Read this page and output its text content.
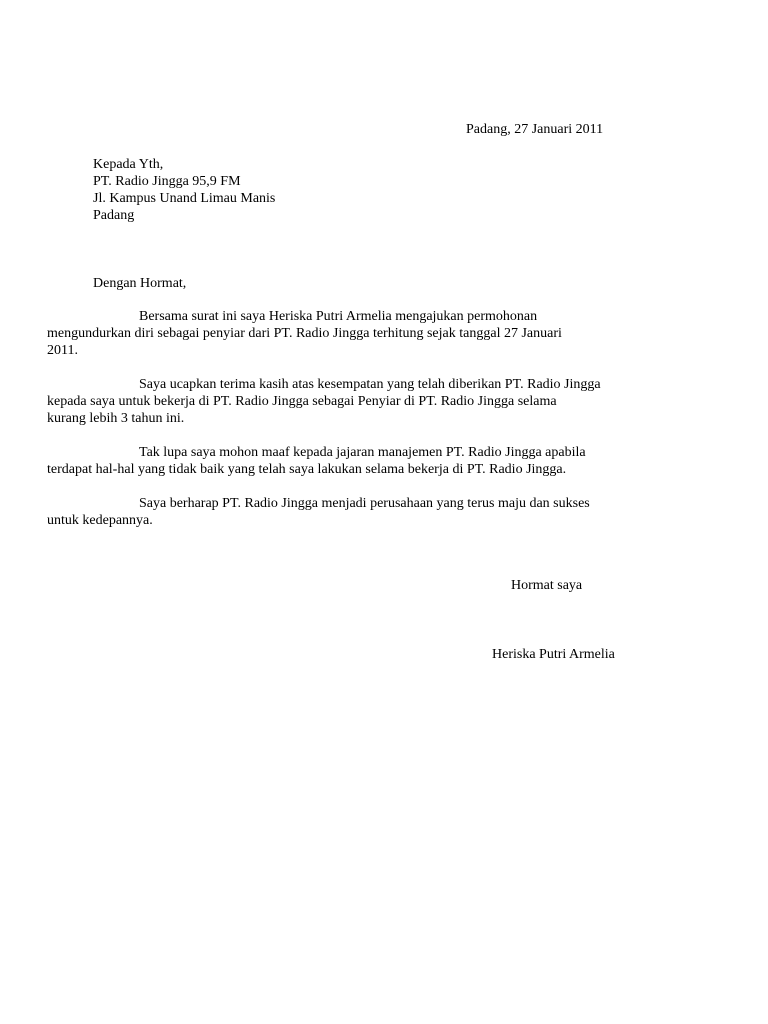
Padang, 27 Januari 2011
Kepada Yth,
PT. Radio Jingga 95,9 FM
Jl. Kampus Unand Limau Manis
Padang
Dengan Hormat,
Bersama surat ini saya Heriska Putri Armelia mengajukan permohonan
mengundurkan diri sebagai penyiar dari PT. Radio Jingga terhitung sejak tanggal 27 Januari
2011.
Saya ucapkan terima kasih atas kesempatan yang telah diberikan PT. Radio Jingga
kepada saya untuk bekerja di PT. Radio Jingga sebagai Penyiar di PT. Radio Jingga selama
kurang lebih 3 tahun ini.
Tak lupa saya mohon maaf kepada jajaran manajemen PT. Radio Jingga apabila
terdapat hal-hal yang tidak baik yang telah saya lakukan selama bekerja di PT. Radio Jingga.
Saya berharap PT. Radio Jingga menjadi perusahaan yang terus maju dan sukses
untuk kedepannya.
Hormat saya
Heriska Putri Armelia
